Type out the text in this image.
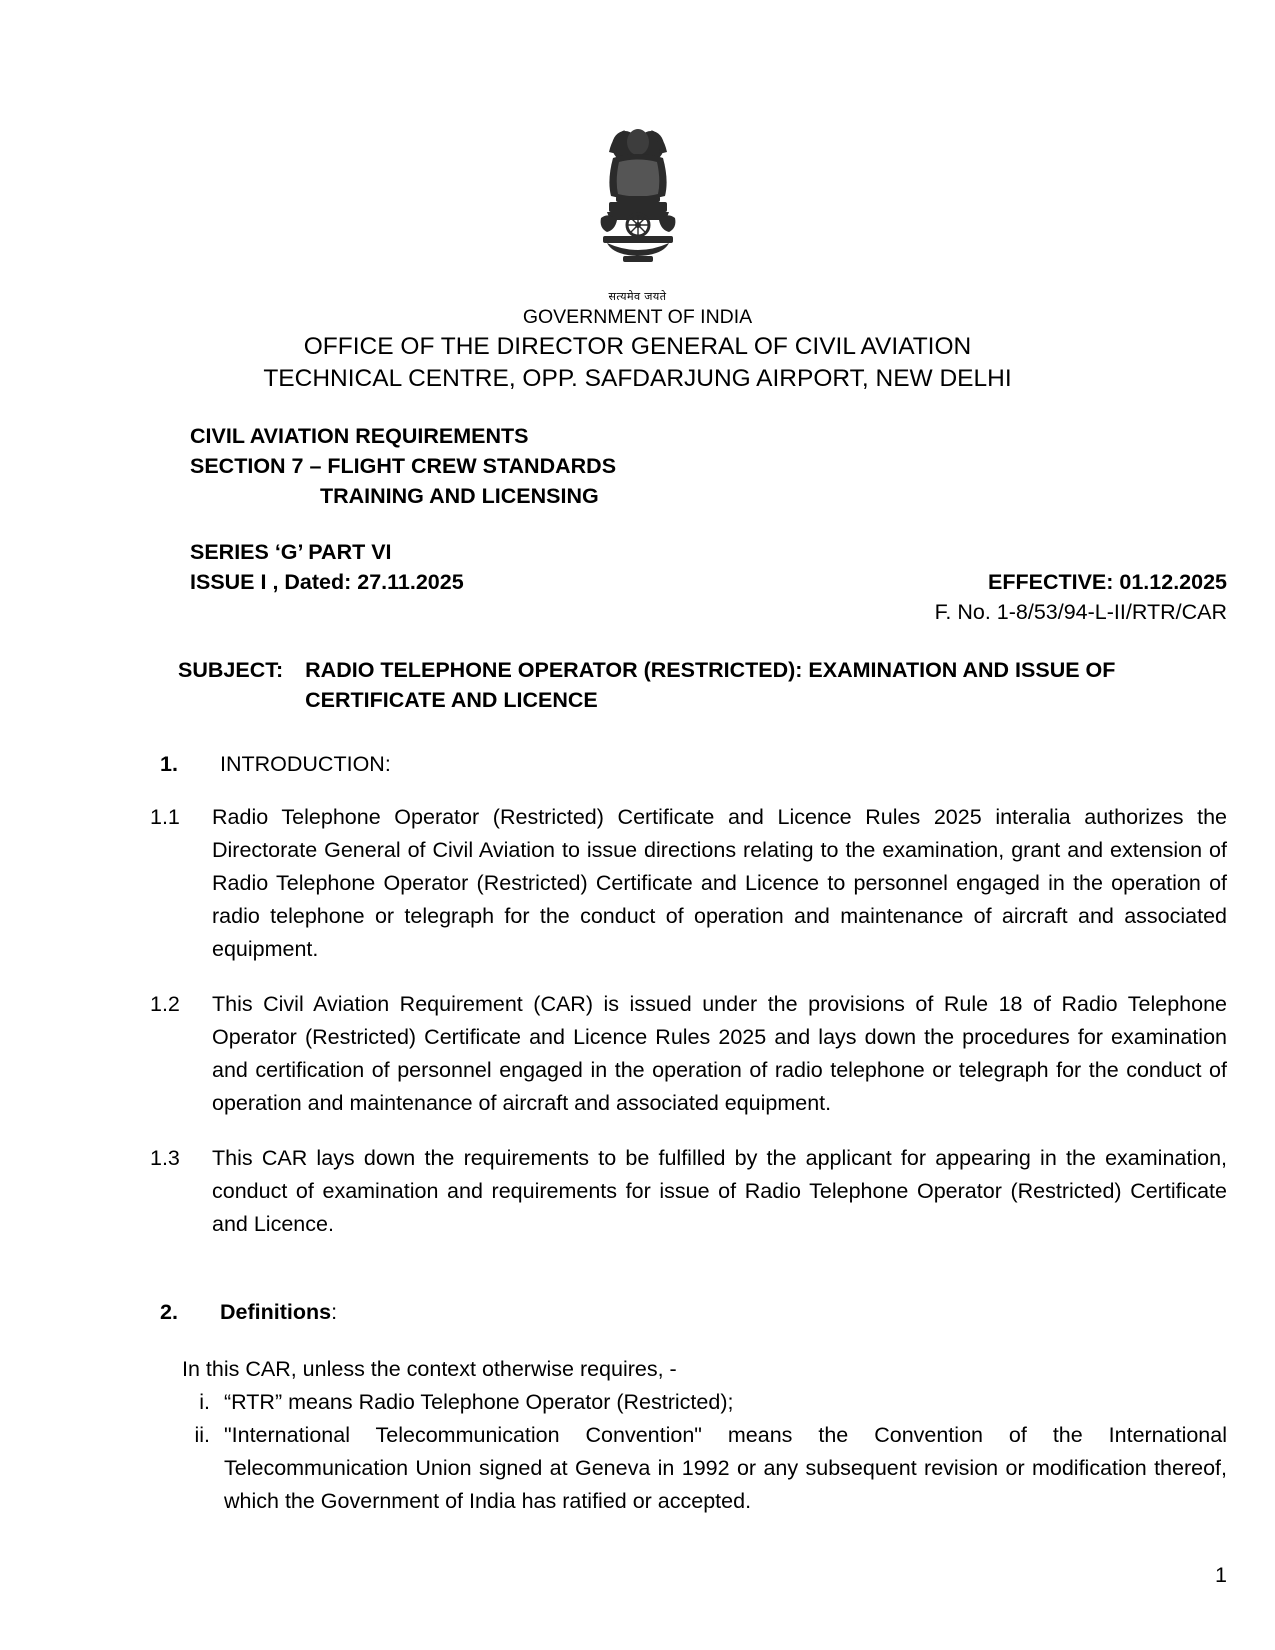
सत्यमेव जयते
GOVERNMENT OF INDIA
OFFICE OF THE DIRECTOR GENERAL OF CIVIL AVIATION
TECHNICAL CENTRE, OPP. SAFDARJUNG AIRPORT, NEW DELHI
CIVIL AVIATION REQUIREMENTS
SECTION 7 – FLIGHT CREW STANDARDS
TRAINING AND LICENSING
SERIES ‘G’ PART VI
ISSUE I , Dated: 27.11.2025	EFFECTIVE: 01.12.2025
F. No. 1-8/53/94-L-II/RTR/CAR
SUBJECT:	RADIO TELEPHONE OPERATOR (RESTRICTED): EXAMINATION AND ISSUE OF CERTIFICATE AND LICENCE
1.	INTRODUCTION:
1.1	Radio Telephone Operator (Restricted) Certificate and Licence Rules 2025 interalia authorizes the Directorate General of Civil Aviation to issue directions relating to the examination, grant and extension of Radio Telephone Operator (Restricted) Certificate and Licence to personnel engaged in the operation of radio telephone or telegraph for the conduct of operation and maintenance of aircraft and associated equipment.
1.2	This Civil Aviation Requirement (CAR) is issued under the provisions of Rule 18 of Radio Telephone Operator (Restricted) Certificate and Licence Rules 2025 and lays down the procedures for examination and certification of personnel engaged in the operation of radio telephone or telegraph for the conduct of operation and maintenance of aircraft and associated equipment.
1.3	This CAR lays down the requirements to be fulfilled by the applicant for appearing in the examination, conduct of examination and requirements for issue of Radio Telephone Operator (Restricted) Certificate and Licence.
2.	Definitions:
In this CAR, unless the context otherwise requires, -
i. “RTR” means Radio Telephone Operator (Restricted);
ii. "International Telecommunication Convention" means the Convention of the International Telecommunication Union signed at Geneva in 1992 or any subsequent revision or modification thereof, which the Government of India has ratified or accepted.
1
